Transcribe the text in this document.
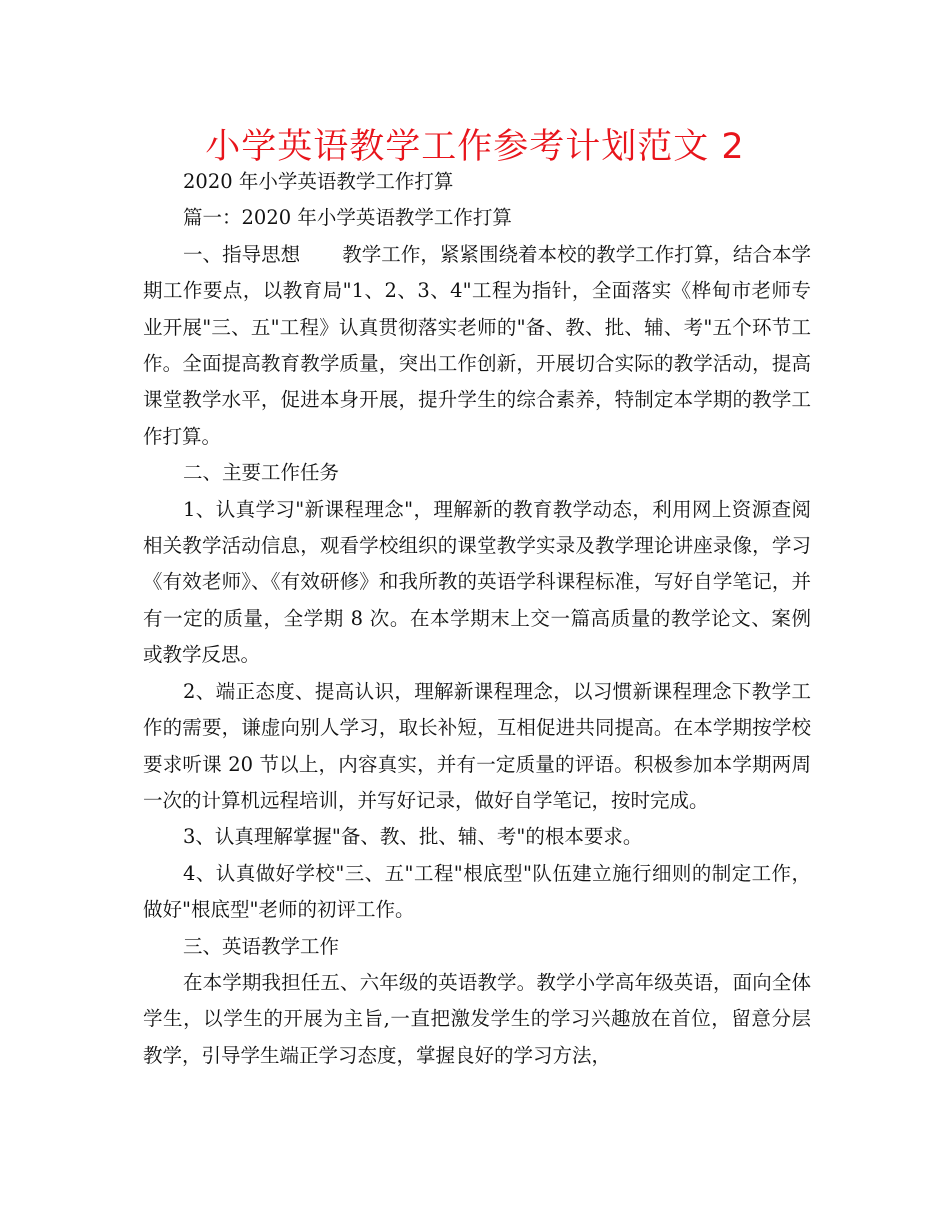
小学英语教学工作参考计划范文 2

2020 年小学英语教学工作打算

篇一：2020 年小学英语教学工作打算

一、指导思想 教学工作，紧紧围绕着本校的教学工作打算，结合本学期工作要点，以教育局"1、2、3、4"工程为指针，全面落实《桦甸市老师专业开展"三、五"工程》认真贯彻落实老师的"备、教、批、辅、考"五个环节工作。全面提高教育教学质量，突出工作创新，开展切合实际的教学活动，提高课堂教学水平，促进本身开展，提升学生的综合素养，特制定本学期的教学工作打算。

二、主要工作任务

1、认真学习"新课程理念"，理解新的教育教学动态，利用网上资源查阅相关教学活动信息，观看学校组织的课堂教学实录及教学理论讲座录像，学习《有效老师》、《有效研修》和我所教的英语学科课程标准，写好自学笔记，并有一定的质量，全学期 8 次。在本学期末上交一篇高质量的教学论文、案例或教学反思。

2、端正态度、提高认识，理解新课程理念，以习惯新课程理念下教学工作的需要，谦虚向别人学习，取长补短，互相促进共同提高。在本学期按学校要求听课 20 节以上，内容真实，并有一定质量的评语。积极参加本学期两周一次的计算机远程培训，并写好记录，做好自学笔记，按时完成。

3、认真理解掌握"备、教、批、辅、考"的根本要求。

4、认真做好学校"三、五"工程"根底型"队伍建立施行细则的制定工作，做好"根底型"老师的初评工作。

三、英语教学工作

在本学期我担任五、六年级的英语教学。教学小学高年级英语，面向全体学生，以学生的开展为主旨,一直把激发学生的学习兴趣放在首位，留意分层教学，引导学生端正学习态度，掌握良好的学习方法，
